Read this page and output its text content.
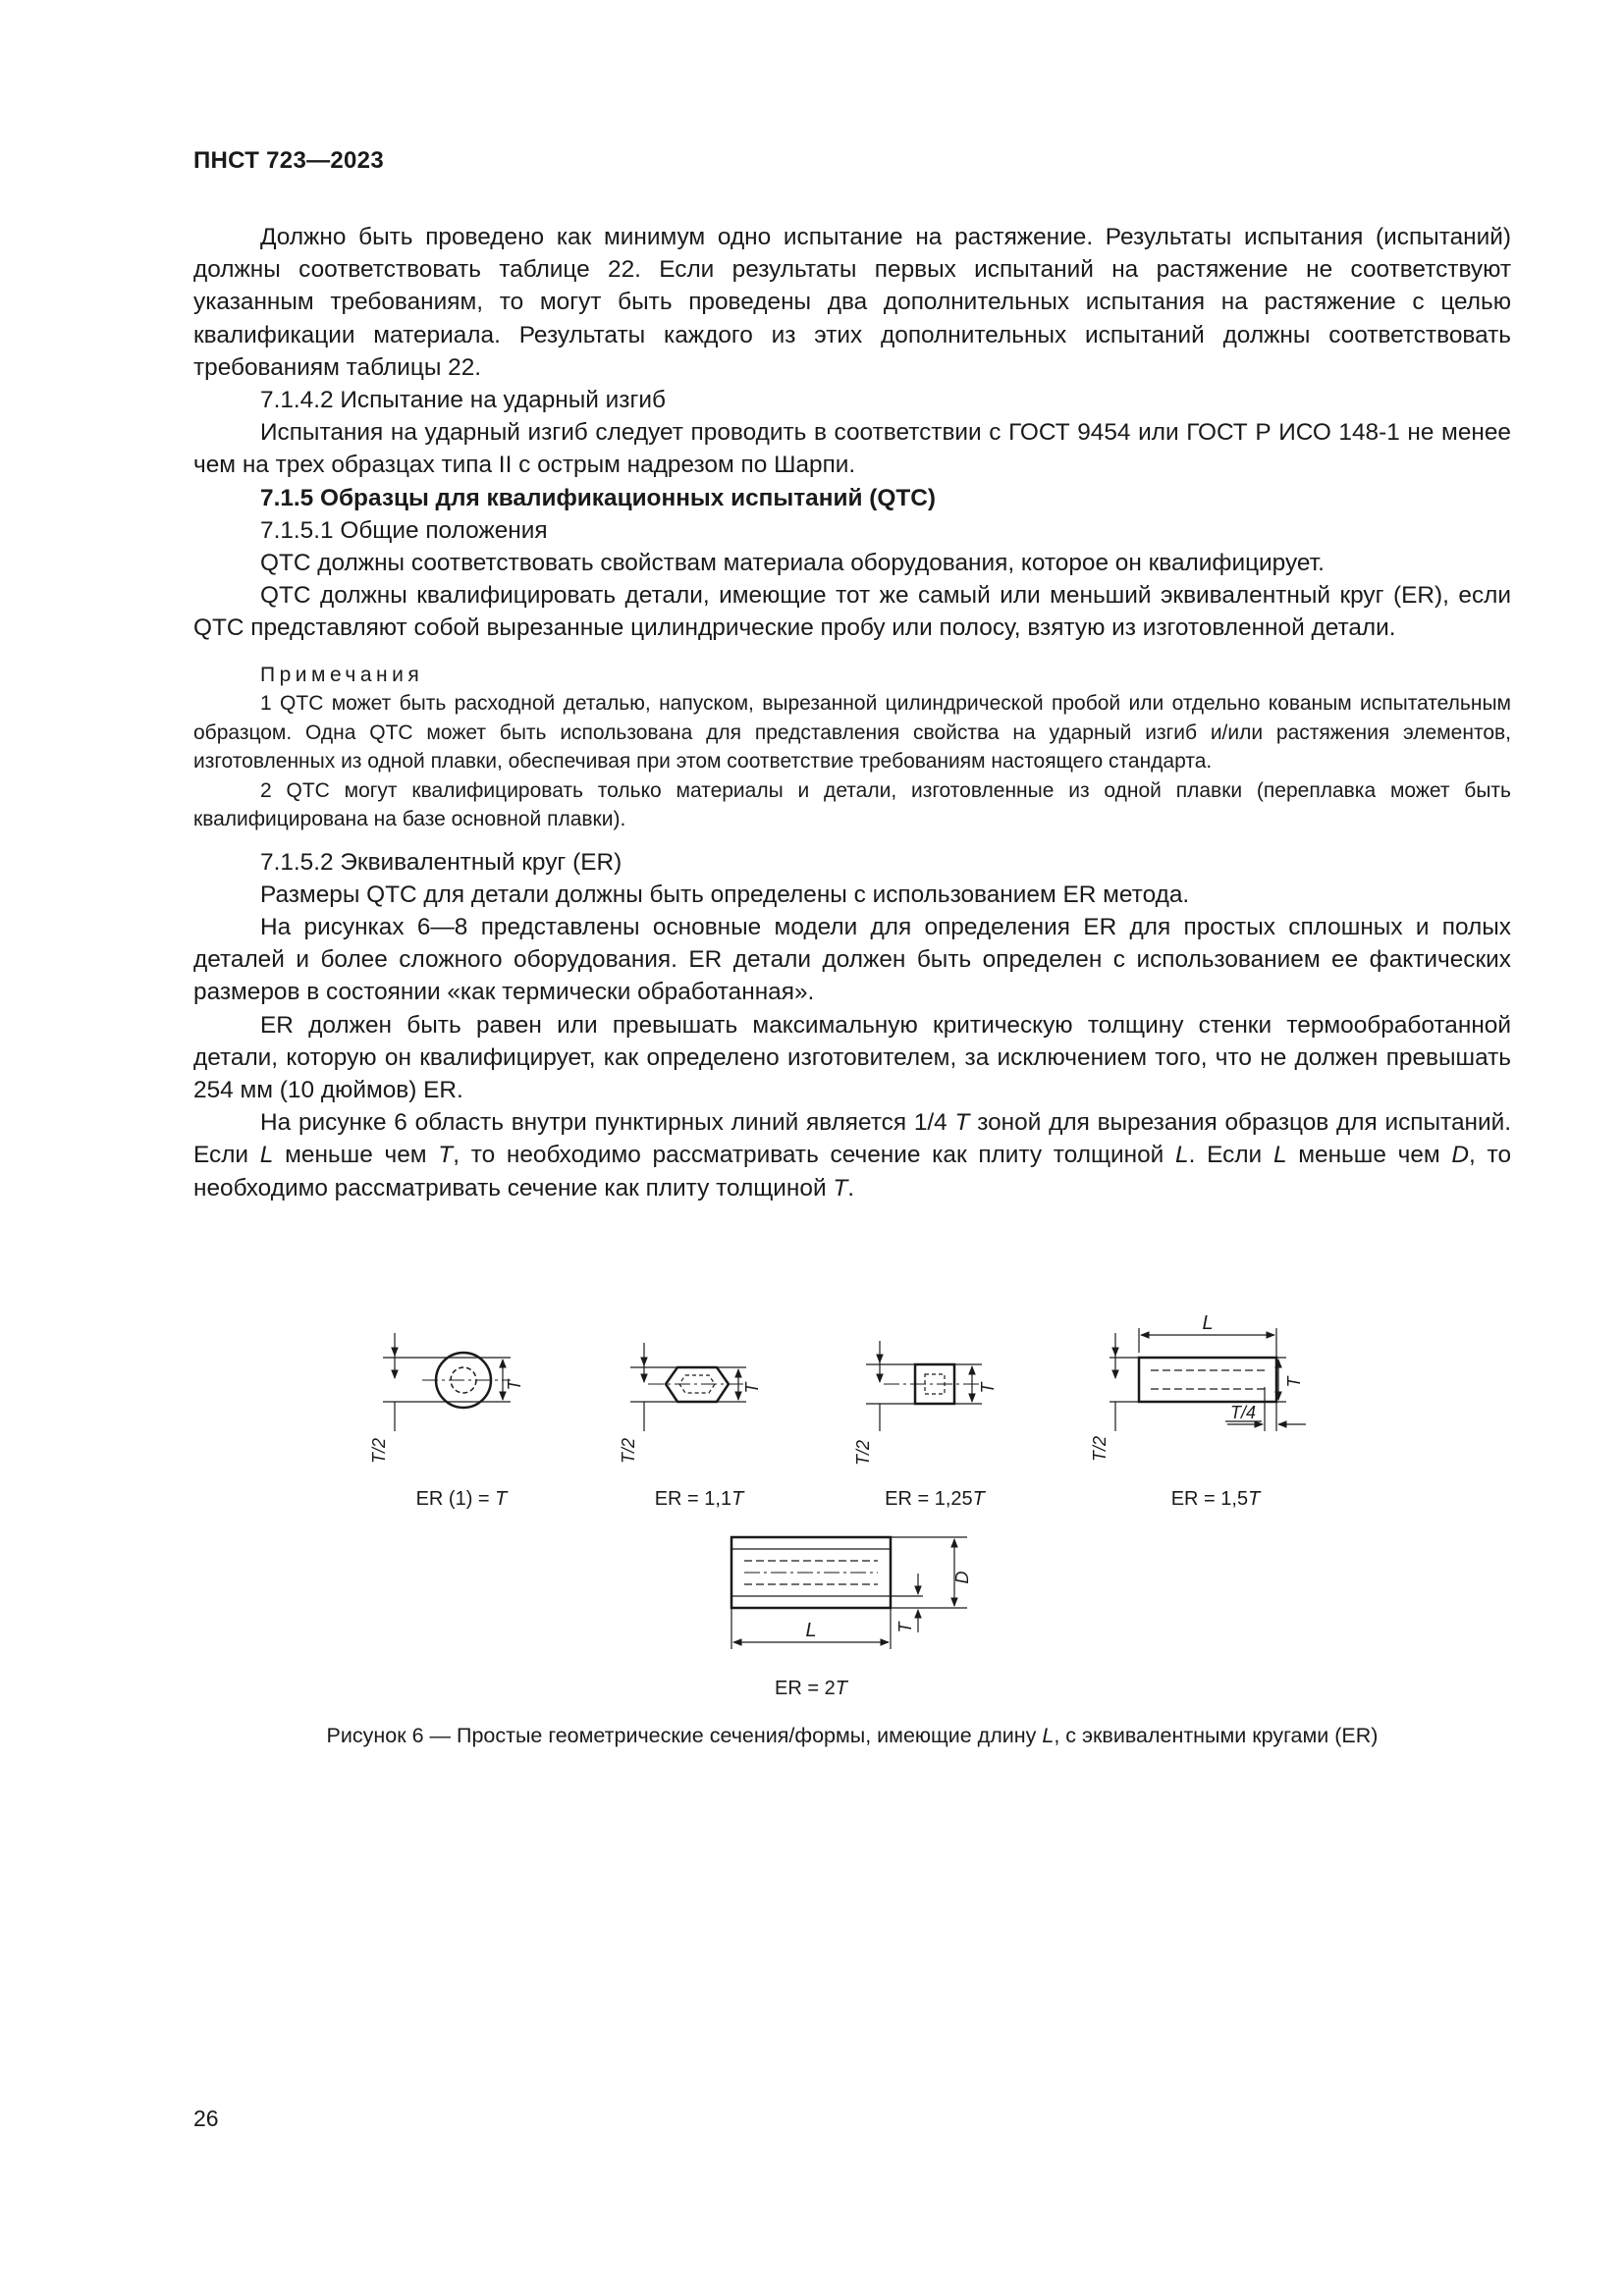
ПНСТ 723—2023

Должно быть проведено как минимум одно испытание на растяжение. Результаты испытания (испытаний) должны соответствовать таблице 22. Если результаты первых испытаний на растяжение не соответствуют указанным требованиям, то могут быть проведены два дополнительных испытания на растяжение с целью квалификации материала. Результаты каждого из этих дополнительных испытаний должны соответствовать требованиям таблицы 22.

7.1.4.2 Испытание на ударный изгиб

Испытания на ударный изгиб следует проводить в соответствии с ГОСТ 9454 или ГОСТ Р ИСО 148-1 не менее чем на трех образцах типа II с острым надрезом по Шарпи.

7.1.5 Образцы для квалификационных испытаний (QTC)

7.1.5.1 Общие положения

QTC должны соответствовать свойствам материала оборудования, которое он квалифицирует.

QTC должны квалифицировать детали, имеющие тот же самый или меньший эквивалентный круг (ER), если QTC представляют собой вырезанные цилиндрические пробу или полосу, взятую из изготовленной детали.

Примечания

1 QTC может быть расходной деталью, напуском, вырезанной цилиндрической пробой или отдельно кованым испытательным образцом. Одна QTC может быть использована для представления свойства на ударный изгиб и/или растяжения элементов, изготовленных из одной плавки, обеспечивая при этом соответствие требованиям настоящего стандарта.

2 QTC могут квалифицировать только материалы и детали, изготовленные из одной плавки (переплавка может быть квалифицирована на базе основной плавки).

7.1.5.2 Эквивалентный круг (ER)

Размеры QTC для детали должны быть определены с использованием ER метода.

На рисунках 6—8 представлены основные модели для определения ER для простых сплошных и полых деталей и более сложного оборудования. ER детали должен быть определен с использованием ее фактических размеров в состоянии «как термически обработанная».

ER должен быть равен или превышать максимальную критическую толщину стенки термообработанной детали, которую он квалифицирует, как определено изготовителем, за исключением того, что не должен превышать 254 мм (10 дюймов) ER.

На рисунке 6 область внутри пунктирных линий является 1/4 T зоной для вырезания образцов для испытаний. Если L меньше чем T, то необходимо рассматривать сечение как плиту толщиной L. Если L меньше чем D, то необходимо рассматривать сечение как плиту толщиной T.

T
T/2
ER (1) = T
T
T/2
ER = 1,1T
T
T/2
ER = 1,25T
L
T
T/4
T/2
ER = 1,5T
L
D
T
ER = 2T
Рисунок 6 — Простые геометрические сечения/формы, имеющие длину L, с эквивалентными кругами (ER)
26
